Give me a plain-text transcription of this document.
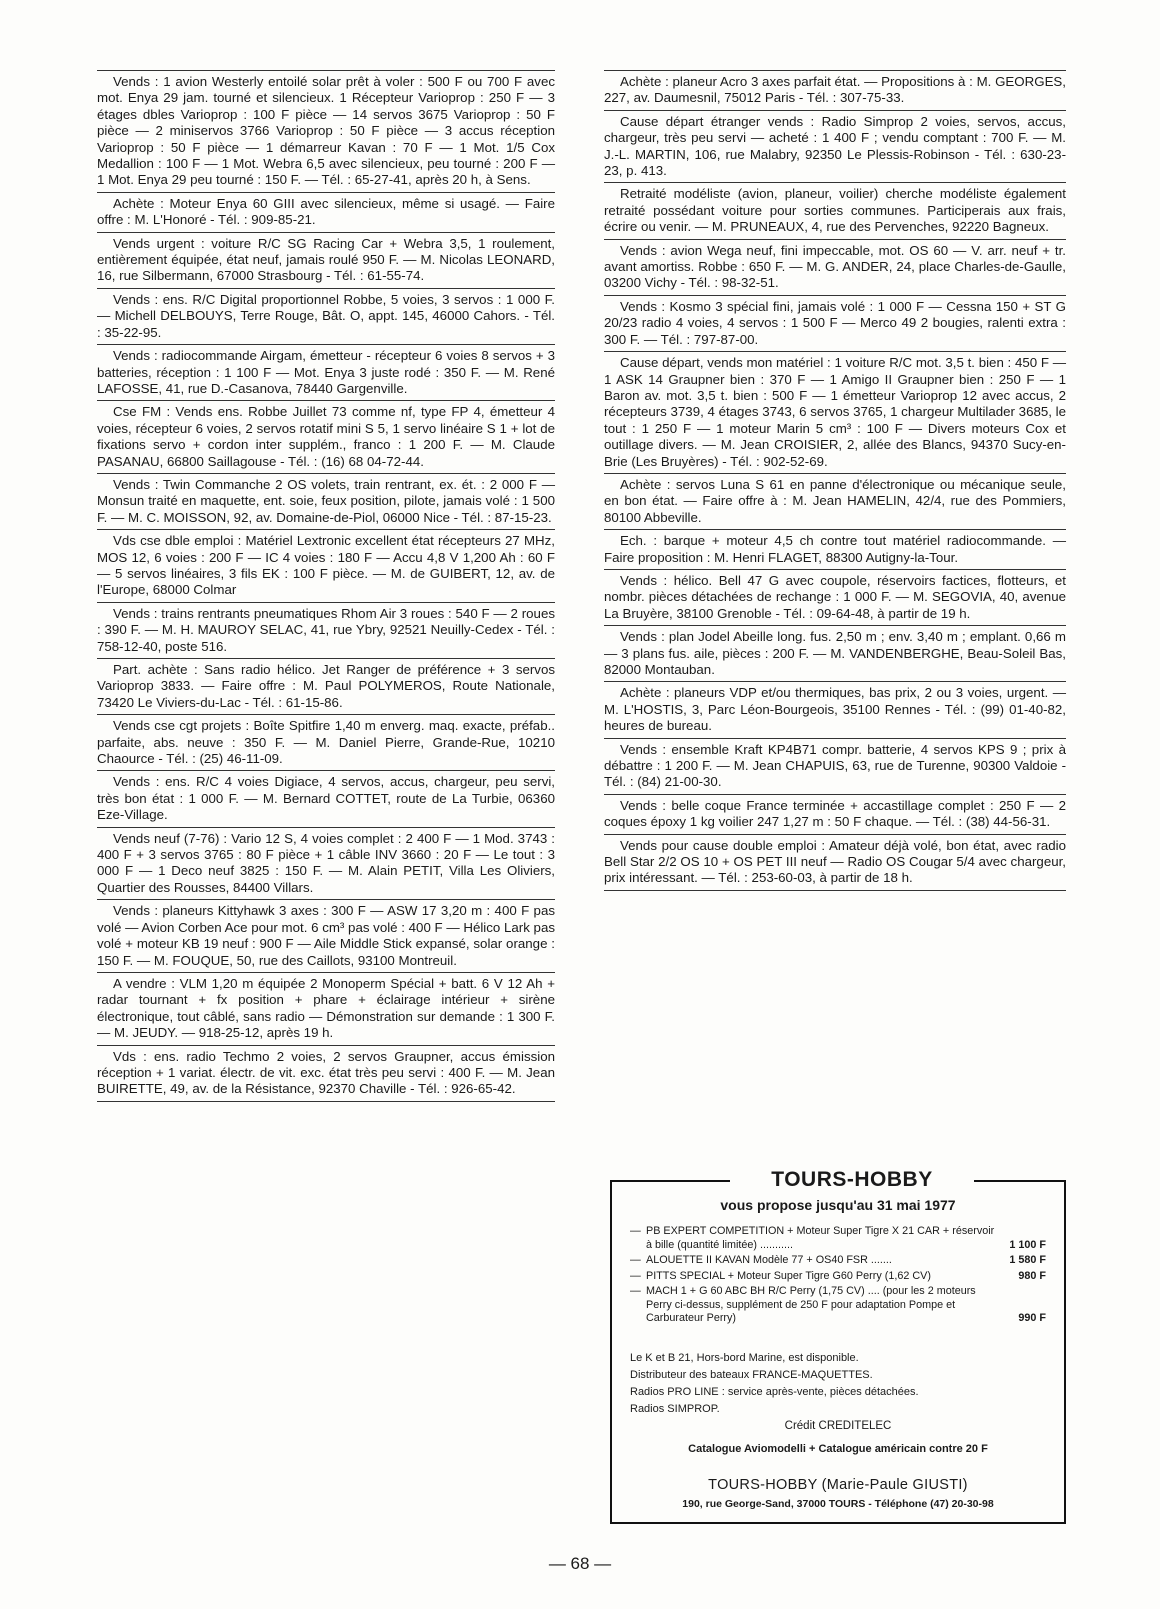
Vends : 1 avion Westerly entoilé solar prêt à voler : 500 F ou 700 F avec mot. Enya 29 jam. tourné et silencieux. 1 Récepteur Varioprop : 250 F — 3 étages dbles Varioprop : 100 F pièce — 14 servos 3675 Varioprop : 50 F pièce — 2 miniservos 3766 Varioprop : 50 F pièce — 3 accus réception Varioprop : 50 F pièce — 1 démarreur Kavan : 70 F — 1 Mot. 1/5 Cox Medallion : 100 F — 1 Mot. Webra 6,5 avec silencieux, peu tourné : 200 F — 1 Mot. Enya 29 peu tourné : 150 F. — Tél. : 65-27-41, après 20 h, à Sens.

Achète : Moteur Enya 60 GIII avec silencieux, même si usagé. — Faire offre : M. L'Honoré - Tél. : 909-85-21.

Vends urgent : voiture R/C SG Racing Car + Webra 3,5, 1 roulement, entièrement équipée, état neuf, jamais roulé 950 F. — M. Nicolas LEONARD, 16, rue Silbermann, 67000 Strasbourg - Tél. : 61-55-74.

Vends : ens. R/C Digital proportionnel Robbe, 5 voies, 3 servos : 1 000 F. — Michell DELBOUYS, Terre Rouge, Bât. O, appt. 145, 46000 Cahors. - Tél. : 35-22-95.

Vends : radiocommande Airgam, émetteur - récepteur 6 voies 8 servos + 3 batteries, réception : 1 100 F — Mot. Enya 3 juste rodé : 350 F. — M. René LAFOSSE, 41, rue D.-Casanova, 78440 Gargenville.

Cse FM : Vends ens. Robbe Juillet 73 comme nf, type FP 4, émetteur 4 voies, récepteur 6 voies, 2 servos rotatif mini S 5, 1 servo linéaire S 1 + lot de fixations servo + cordon inter supplém., franco : 1 200 F. — M. Claude PASANAU, 66800 Saillagouse - Tél. : (16) 68 04-72-44.

Vends : Twin Commanche 2 OS volets, train rentrant, ex. ét. : 2 000 F — Monsun traité en maquette, ent. soie, feux position, pilote, jamais volé : 1 500 F. — M. C. MOISSON, 92, av. Domaine-de-Piol, 06000 Nice - Tél. : 87-15-23.

Vds cse dble emploi : Matériel Lextronic excellent état récepteurs 27 MHz, MOS 12, 6 voies : 200 F — IC 4 voies : 180 F — Accu 4,8 V 1,200 Ah : 60 F — 5 servos linéaires, 3 fils EK : 100 F pièce. — M. de GUIBERT, 12, av. de l'Europe, 68000 Colmar

Vends : trains rentrants pneumatiques Rhom Air 3 roues : 540 F — 2 roues : 390 F. — M. H. MAUROY SELAC, 41, rue Ybry, 92521 Neuilly-Cedex - Tél. : 758-12-40, poste 516.

Part. achète : Sans radio hélico. Jet Ranger de préférence + 3 servos Varioprop 3833. — Faire offre : M. Paul POLYMEROS, Route Nationale, 73420 Le Viviers-du-Lac - Tél. : 61-15-86.

Vends cse cgt projets : Boîte Spitfire 1,40 m enverg. maq. exacte, préfab.. parfaite, abs. neuve : 350 F. — M. Daniel Pierre, Grande-Rue, 10210 Chaource - Tél. : (25) 46-11-09.

Vends : ens. R/C 4 voies Digiace, 4 servos, accus, chargeur, peu servi, très bon état : 1 000 F. — M. Bernard COTTET, route de La Turbie, 06360 Eze-Village.

Vends neuf (7-76) : Vario 12 S, 4 voies complet : 2 400 F — 1 Mod. 3743 : 400 F + 3 servos 3765 : 80 F pièce + 1 câble INV 3660 : 20 F — Le tout : 3 000 F — 1 Deco neuf 3825 : 150 F. — M. Alain PETIT, Villa Les Oliviers, Quartier des Rousses, 84400 Villars.

Vends : planeurs Kittyhawk 3 axes : 300 F — ASW 17 3,20 m : 400 F pas volé — Avion Corben Ace pour mot. 6 cm³ pas volé : 400 F — Hélico Lark pas volé + moteur KB 19 neuf : 900 F — Aile Middle Stick expansé, solar orange : 150 F. — M. FOUQUE, 50, rue des Caillots, 93100 Montreuil.

A vendre : VLM 1,20 m équipée 2 Monoperm Spécial + batt. 6 V 12 Ah + radar tournant + fx position + phare + éclairage intérieur + sirène électronique, tout câblé, sans radio — Démonstration sur demande : 1 300 F. — M. JEUDY. — 918-25-12, après 19 h.

Vds : ens. radio Techmo 2 voies, 2 servos Graupner, accus émission réception + 1 variat. électr. de vit. exc. état très peu servi : 400 F. — M. Jean BUIRETTE, 49, av. de la Résistance, 92370 Chaville - Tél. : 926-65-42.

Achète : planeur Acro 3 axes parfait état. — Propositions à : M. GEORGES, 227, av. Daumesnil, 75012 Paris - Tél. : 307-75-33.

Cause départ étranger vends : Radio Simprop 2 voies, servos, accus, chargeur, très peu servi — acheté : 1 400 F ; vendu comptant : 700 F. — M. J.-L. MARTIN, 106, rue Malabry, 92350 Le Plessis-Robinson - Tél. : 630-23-23, p. 413.

Retraité modéliste (avion, planeur, voilier) cherche modéliste également retraité possédant voiture pour sorties communes. Participerais aux frais, écrire ou venir. — M. PRUNEAUX, 4, rue des Pervenches, 92220 Bagneux.

Vends : avion Wega neuf, fini impeccable, mot. OS 60 — V. arr. neuf + tr. avant amortiss. Robbe : 650 F. — M. G. ANDER, 24, place Charles-de-Gaulle, 03200 Vichy - Tél. : 98-32-51.

Vends : Kosmo 3 spécial fini, jamais volé : 1 000 F — Cessna 150 + ST G 20/23 radio 4 voies, 4 servos : 1 500 F — Merco 49 2 bougies, ralenti extra : 300 F. — Tél. : 797-87-00.

Cause départ, vends mon matériel : 1 voiture R/C mot. 3,5 t. bien : 450 F — 1 ASK 14 Graupner bien : 370 F — 1 Amigo II Graupner bien : 250 F — 1 Baron av. mot. 3,5 t. bien : 500 F — 1 émetteur Varioprop 12 avec accus, 2 récepteurs 3739, 4 étages 3743, 6 servos 3765, 1 chargeur Multilader 3685, le tout : 1 250 F — 1 moteur Marin 5 cm³ : 100 F — Divers moteurs Cox et outillage divers. — M. Jean CROISIER, 2, allée des Blancs, 94370 Sucy-en-Brie (Les Bruyères) - Tél. : 902-52-69.

Achète : servos Luna S 61 en panne d'électronique ou mécanique seule, en bon état. — Faire offre à : M. Jean HAMELIN, 42/4, rue des Pommiers, 80100 Abbeville.

Ech. : barque + moteur 4,5 ch contre tout matériel radiocommande. — Faire proposition : M. Henri FLAGET, 88300 Autigny-la-Tour.

Vends : hélico. Bell 47 G avec coupole, réservoirs factices, flotteurs, et nombr. pièces détachées de rechange : 1 000 F. — M. SEGOVIA, 40, avenue La Bruyère, 38100 Grenoble - Tél. : 09-64-48, à partir de 19 h.

Vends : plan Jodel Abeille long. fus. 2,50 m ; env. 3,40 m ; emplant. 0,66 m — 3 plans fus. aile, pièces : 200 F. — M. VANDENBERGHE, Beau-Soleil Bas, 82000 Montauban.

Achète : planeurs VDP et/ou thermiques, bas prix, 2 ou 3 voies, urgent. — M. L'HOSTIS, 3, Parc Léon-Bourgeois, 35100 Rennes - Tél. : (99) 01-40-82, heures de bureau.

Vends : ensemble Kraft KP4B71 compr. batterie, 4 servos KPS 9 ; prix à débattre : 1 200 F. — M. Jean CHAPUIS, 63, rue de Turenne, 90300 Valdoie - Tél. : (84) 21-00-30.

Vends : belle coque France terminée + accastillage complet : 250 F — 2 coques époxy 1 kg voilier 247 1,27 m : 50 F chaque. — Tél. : (38) 44-56-31.

Vends pour cause double emploi : Amateur déjà volé, bon état, avec radio Bell Star 2/2 OS 10 + OS PET III neuf — Radio OS Cougar 5/4 avec chargeur, prix intéressant. — Tél. : 253-60-03, à partir de 18 h.

TOURS-HOBBY
vous propose jusqu'au 31 mai 1977
— PB EXPERT COMPETITION + Moteur Super Tigre X 21 CAR + réservoir à bille (quantité limitée) ...........	1 100 F
— ALOUETTE II KAVAN Modèle 77 + OS40 FSR .......	1 580 F
— PITTS SPECIAL + Moteur Super Tigre G60 Perry (1,62 CV)	980 F
— MACH 1 + G 60 ABC BH R/C Perry (1,75 CV) .... (pour les 2 moteurs Perry ci-dessus, supplément de 250 F pour adaptation Pompe et Carburateur Perry)	990 F
Le K et B 21, Hors-bord Marine, est disponible.
Distributeur des bateaux FRANCE-MAQUETTES.
Radios PRO LINE : service après-vente, pièces détachées.
Radios SIMPROP.
Crédit CREDITELEC
Catalogue Aviomodelli + Catalogue américain contre 20 F
TOURS-HOBBY (Marie-Paule GIUSTI)
190, rue George-Sand, 37000 TOURS - Téléphone (47) 20-30-98
— 68 —
